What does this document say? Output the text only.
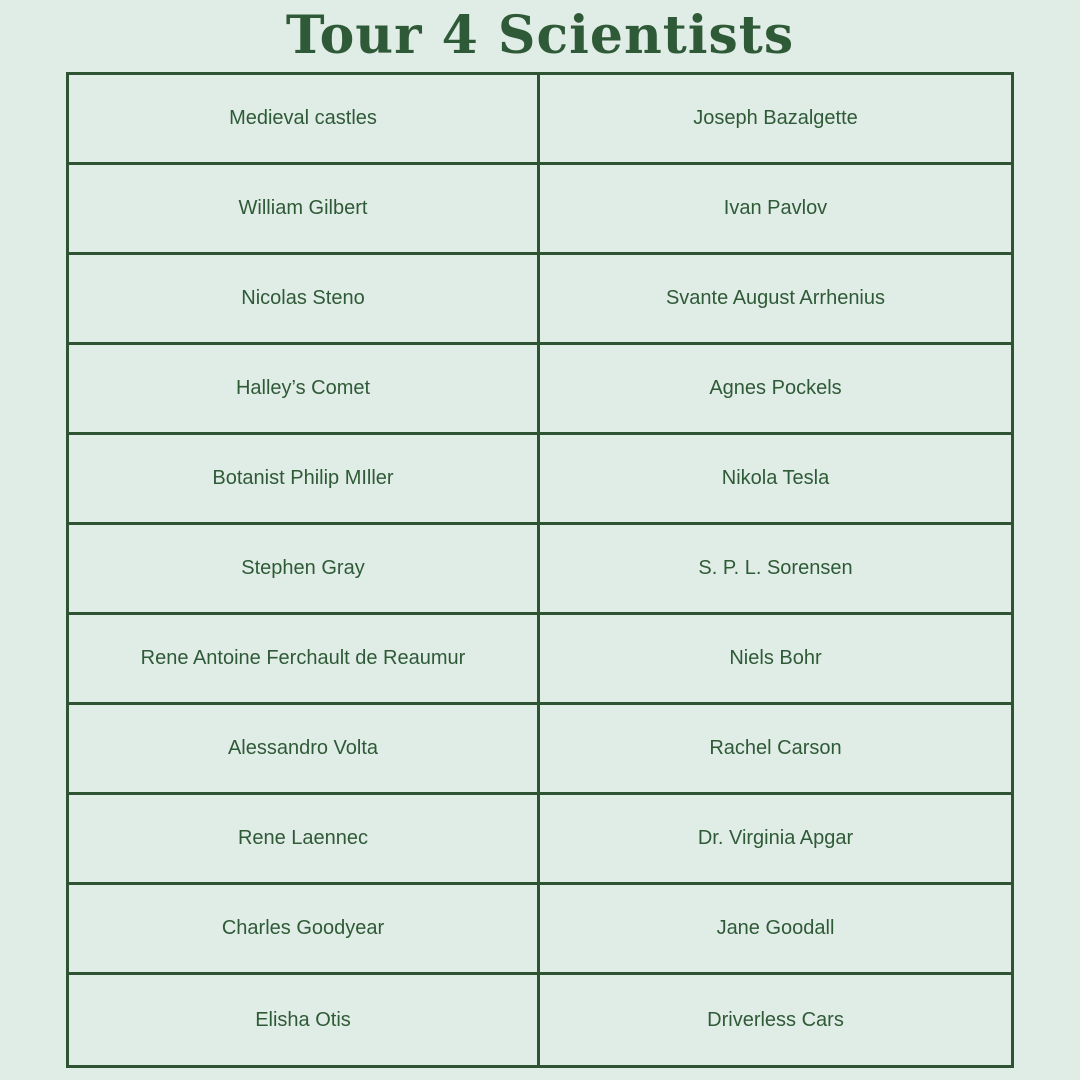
Tour 4 Scientists
Medieval castles	Joseph Bazalgette
William Gilbert	Ivan Pavlov
Nicolas Steno	Svante August Arrhenius
Halley’s Comet	Agnes Pockels
Botanist Philip MIller	Nikola Tesla
Stephen Gray	S. P. L. Sorensen
Rene Antoine Ferchault de Reaumur	Niels Bohr
Alessandro Volta	Rachel Carson
Rene Laennec	Dr. Virginia Apgar
Charles Goodyear	Jane Goodall
Elisha Otis	Driverless Cars
